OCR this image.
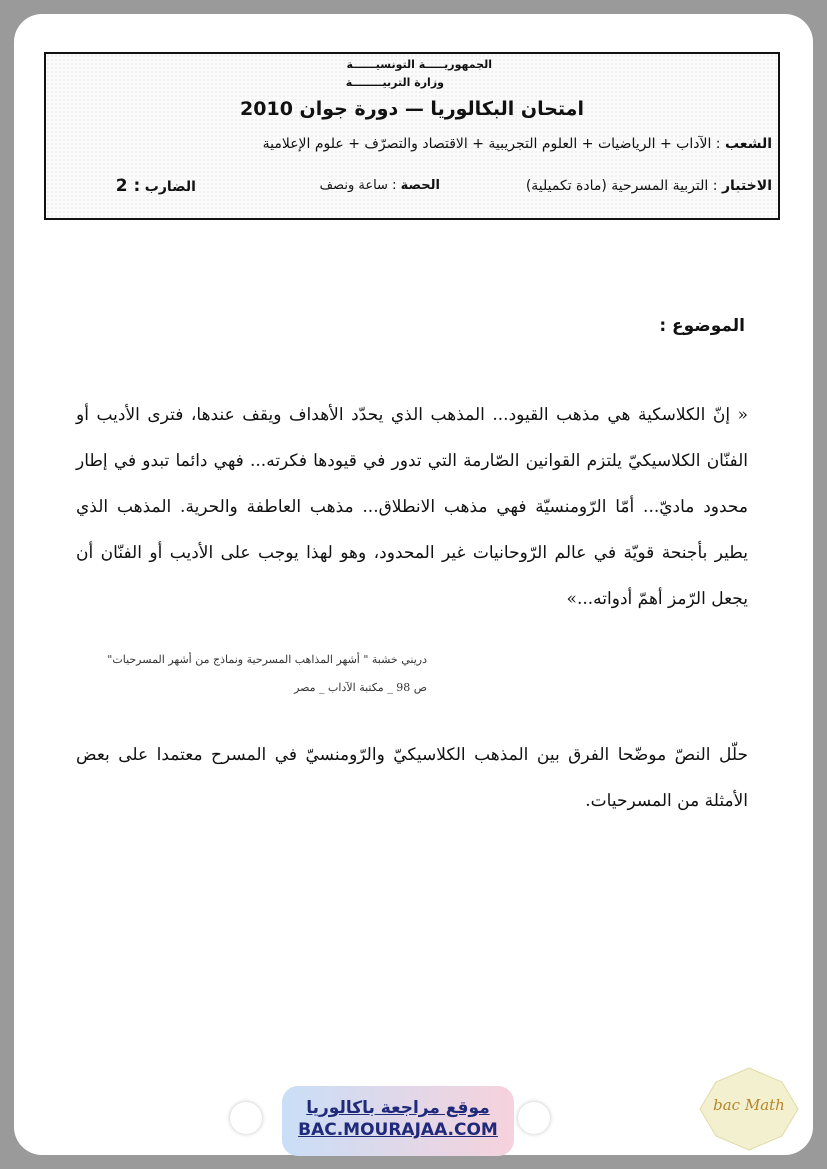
الجمهوريـــــة التونسيــــــة
وزارة التربيــــــــة
امتحان البكالوريا — دورة جوان 2010
الشعب : الآداب + الرياضيات + العلوم التجريبية + الاقتصاد والتصرّف + علوم الإعلامية
الاختبار : التربية المسرحية (مادة تكميلية)
الحصة : ساعة ونصف
الضارب : 2
الموضوع :
« إنّ الكلاسكية هي مذهب القيود... المذهب الذي يحدّد الأهداف ويقف عندها، فترى الأديب أو الفنّان الكلاسيكيّ يلتزم القوانين الصّارمة التي تدور في قيودها فكرته... فهي دائما تبدو في إطار محدود ماديّ... أمّا الرّومنسيّة فهي مذهب الانطلاق... مذهب العاطفة والحرية. المذهب الذي يطير بأجنحة قويّة في عالم الرّوحانيات غير المحدود، وهو لهذا يوجب على الأديب أو الفنّان أن يجعل الرّمز أهمّ أدواته...»
دريني خشبة " أشهر المذاهب المسرحية ونماذج من أشهر المسرحيات"
ص 98 _ مكتبة الآداب _ مصر
حلّل النصّ موضّحا الفرق بين المذهب الكلاسيكيّ والرّومنسيّ في المسرح معتمدا على بعض الأمثلة من المسرحيات.
موقع مراجعة باكالوريا
BAC.MOURAJAA.COM
bac Math
